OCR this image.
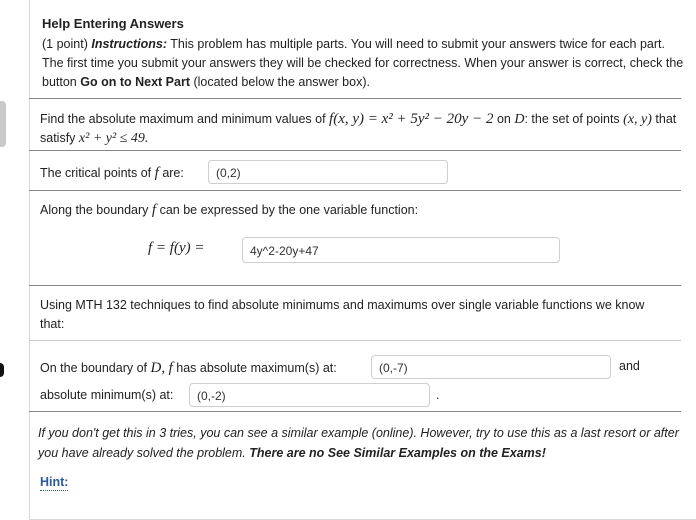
Help Entering Answers
(1 point) Instructions: This problem has multiple parts. You will need to submit your answers twice for each part. The first time you submit your answers they will be checked for correctness. When your answer is correct, check the button Go on to Next Part (located below the answer box).
Find the absolute maximum and minimum values of f(x, y) = x² + 5y² − 20y − 2 on D: the set of points (x, y) that satisfy x² + y² ≤ 49.
The critical points of f are:	(0,2)
Along the boundary f can be expressed by the one variable function:
f = f(y) =	4y^2-20y+47
Using MTH 132 techniques to find absolute minimums and maximums over single variable functions we know that:
On the boundary of D, f has absolute maximum(s) at:	(0,-7)	and
absolute minimum(s) at:	(0,-2)	.
If you don't get this in 3 tries, you can see a similar example (online). However, try to use this as a last resort or after you have already solved the problem. There are no See Similar Examples on the Exams!
Hint:
